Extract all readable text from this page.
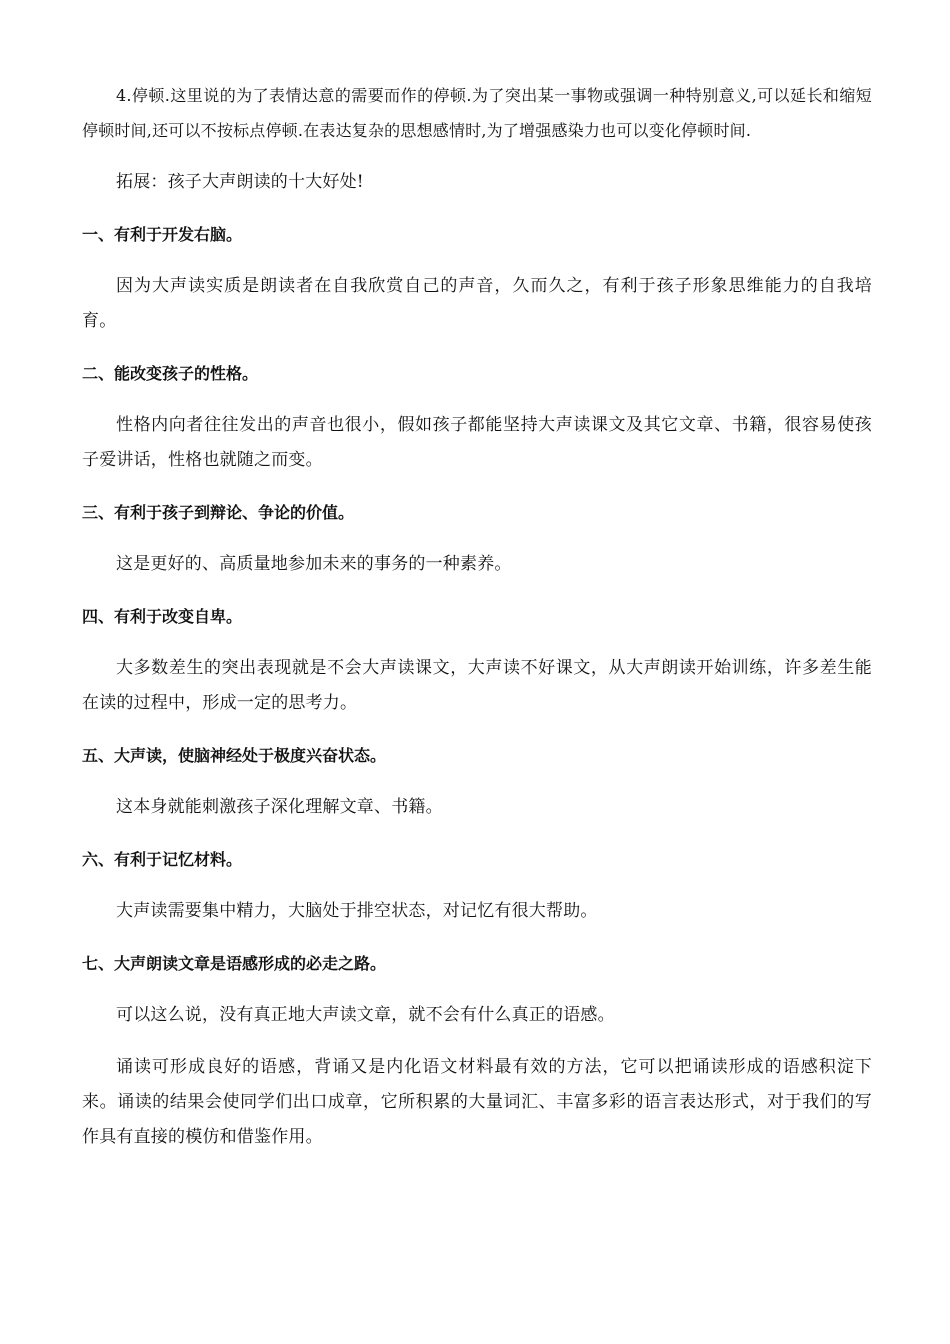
4.停顿.这里说的为了表情达意的需要而作的停顿.为了突出某一事物或强调一种特别意义,可以延长和缩短停顿时间,还可以不按标点停顿.在表达复杂的思想感情时,为了增强感染力也可以变化停顿时间.

拓展：孩子大声朗读的十大好处!

一、有利于开发右脑。

因为大声读实质是朗读者在自我欣赏自己的声音，久而久之，有利于孩子形象思维能力的自我培育。

二、能改变孩子的性格。

性格内向者往往发出的声音也很小，假如孩子都能坚持大声读课文及其它文章、书籍，很容易使孩子爱讲话，性格也就随之而变。

三、有利于孩子到辩论、争论的价值。

这是更好的、高质量地参加未来的事务的一种素养。

四、有利于改变自卑。

大多数差生的突出表现就是不会大声读课文，大声读不好课文，从大声朗读开始训练，许多差生能在读的过程中，形成一定的思考力。

五、大声读，使脑神经处于极度兴奋状态。

这本身就能刺激孩子深化理解文章、书籍。

六、有利于记忆材料。

大声读需要集中精力，大脑处于排空状态，对记忆有很大帮助。

七、大声朗读文章是语感形成的必走之路。

可以这么说，没有真正地大声读文章，就不会有什么真正的语感。

诵读可形成良好的语感，背诵又是内化语文材料最有效的方法，它可以把诵读形成的语感积淀下来。诵读的结果会使同学们出口成章，它所积累的大量词汇、丰富多彩的语言表达形式，对于我们的写作具有直接的模仿和借鉴作用。
